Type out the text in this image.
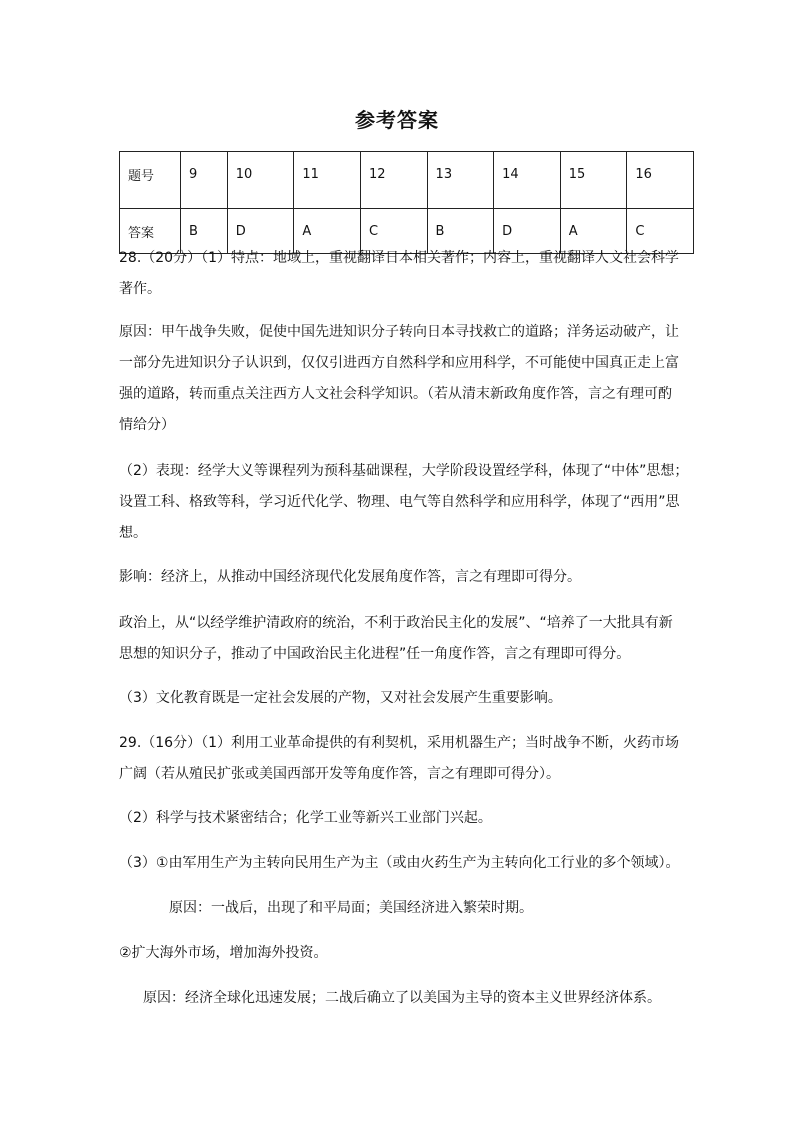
参考答案
题号	9	10	11	12	13	14	15	16
答案	B	D	A	C	B	D	A	C
28.（20分）（1）特点：地域上，重视翻译日本相关著作；内容上，重视翻译人文社会科学
著作。
原因：甲午战争失败，促使中国先进知识分子转向日本寻找救亡的道路；洋务运动破产，让
一部分先进知识分子认识到，仅仅引进西方自然科学和应用科学，不可能使中国真正走上富
强的道路，转而重点关注西方人文社会科学知识。（若从清末新政角度作答，言之有理可酌
情给分）
（2）表现：经学大义等课程列为预科基础课程，大学阶段设置经学科，体现了“中体”思想；
设置工科、格致等科，学习近代化学、物理、电气等自然科学和应用科学，体现了“西用”思
想。
影响：经济上，从推动中国经济现代化发展角度作答，言之有理即可得分。
政治上，从“以经学维护清政府的统治，不利于政治民主化的发展”、“培养了一大批具有新
思想的知识分子，推动了中国政治民主化进程”任一角度作答，言之有理即可得分。
（3）文化教育既是一定社会发展的产物，又对社会发展产生重要影响。
29.（16分）（1）利用工业革命提供的有利契机，采用机器生产；当时战争不断，火药市场
广阔（若从殖民扩张或美国西部开发等角度作答，言之有理即可得分）。
（2）科学与技术紧密结合；化学工业等新兴工业部门兴起。
（3）①由军用生产为主转向民用生产为主（或由火药生产为主转向化工行业的多个领域）。
原因：一战后，出现了和平局面；美国经济进入繁荣时期。
②扩大海外市场，增加海外投资。
原因：经济全球化迅速发展；二战后确立了以美国为主导的资本主义世界经济体系。
